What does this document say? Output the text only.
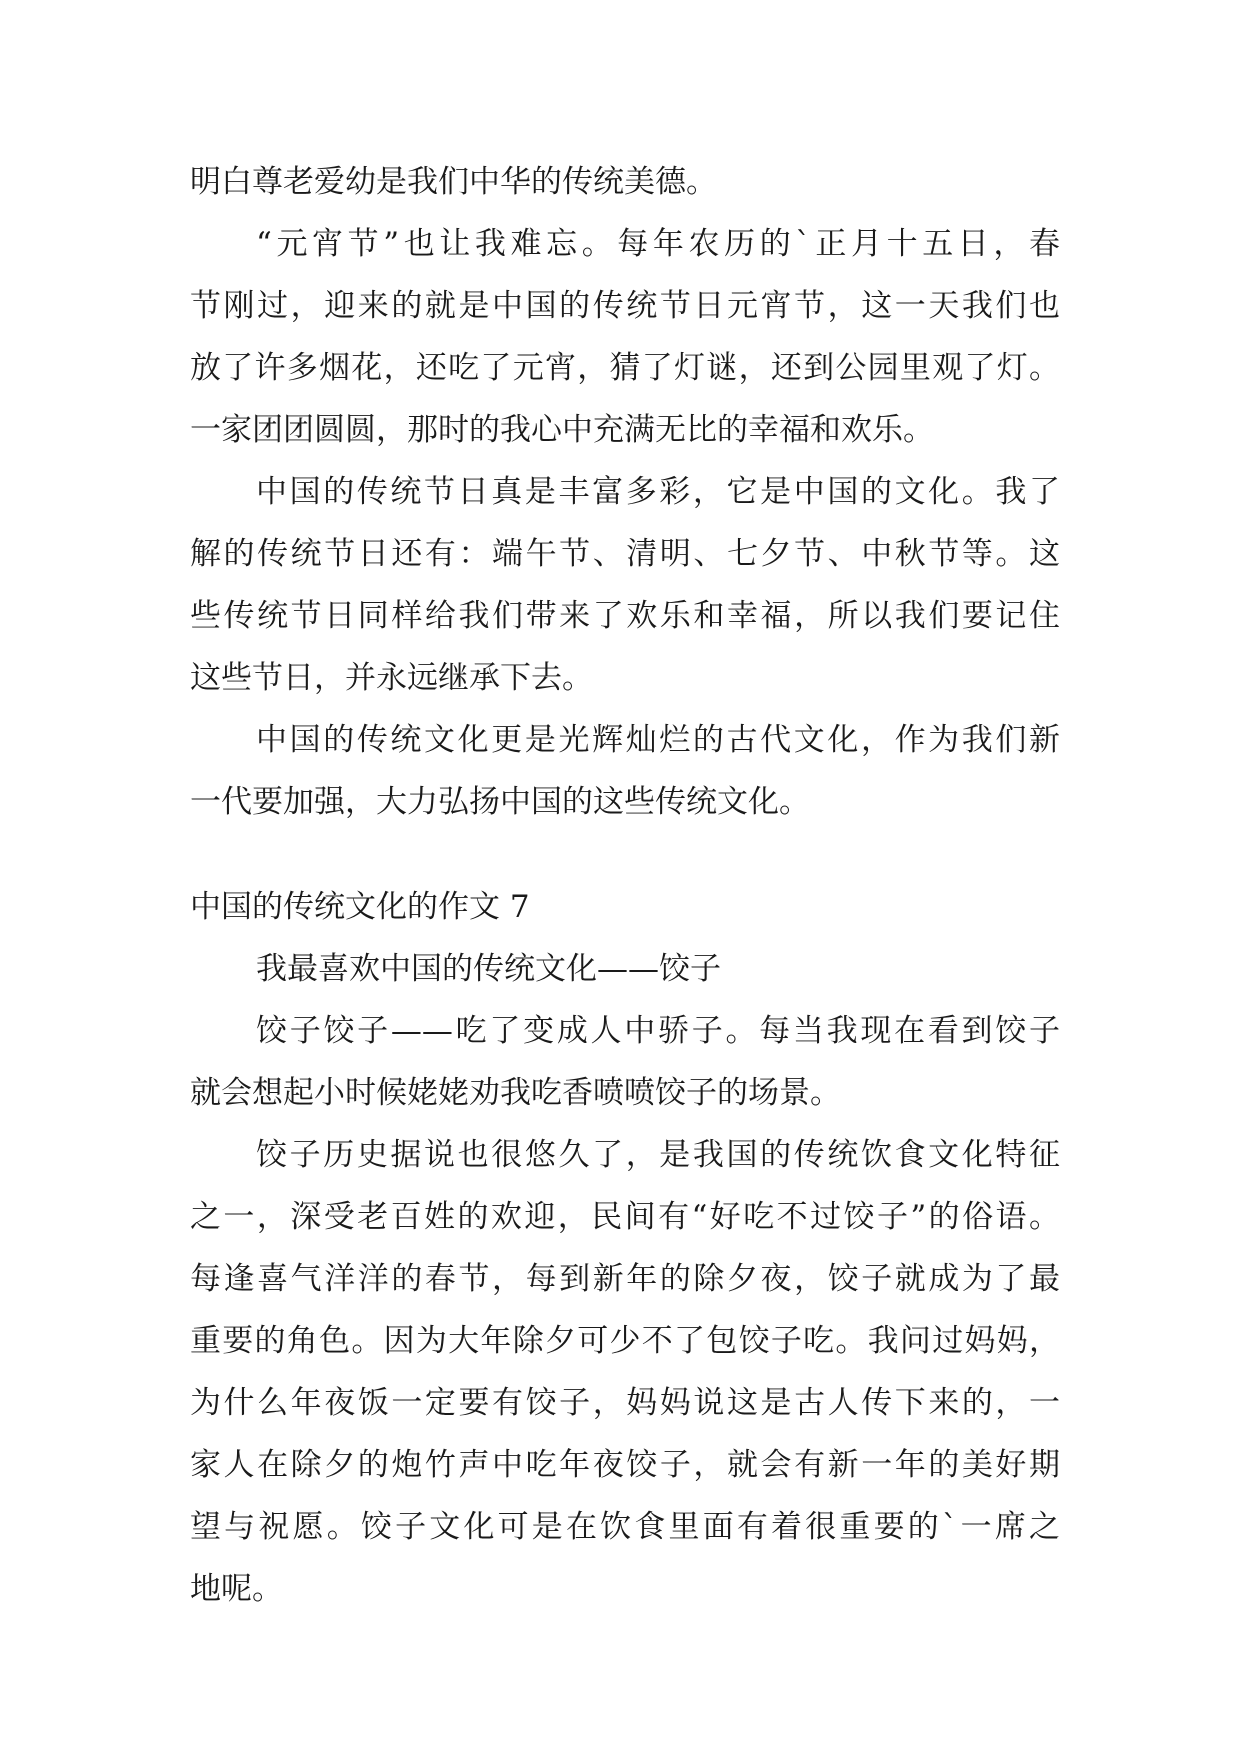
明白尊老爱幼是我们中华的传统美德。
“元宵节”也让我难忘。每年农历的`正月十五日，春
节刚过，迎来的就是中国的传统节日元宵节，这一天我们也
放了许多烟花，还吃了元宵，猜了灯谜，还到公园里观了灯。
一家团团圆圆，那时的我心中充满无比的幸福和欢乐。
中国的传统节日真是丰富多彩，它是中国的文化。我了
解的传统节日还有：端午节、清明、七夕节、中秋节等。这
些传统节日同样给我们带来了欢乐和幸福，所以我们要记住
这些节日，并永远继承下去。
中国的传统文化更是光辉灿烂的古代文化，作为我们新
一代要加强，大力弘扬中国的这些传统文化。
中国的传统文化的作文 7
我最喜欢中国的传统文化——饺子
饺子饺子——吃了变成人中骄子。每当我现在看到饺子
就会想起小时候姥姥劝我吃香喷喷饺子的场景。
饺子历史据说也很悠久了，是我国的传统饮食文化特征
之一，深受老百姓的欢迎，民间有“好吃不过饺子”的俗语。
每逢喜气洋洋的春节，每到新年的除夕夜，饺子就成为了最
重要的角色。因为大年除夕可少不了包饺子吃。我问过妈妈，
为什么年夜饭一定要有饺子，妈妈说这是古人传下来的，一
家人在除夕的炮竹声中吃年夜饺子，就会有新一年的美好期
望与祝愿。饺子文化可是在饮食里面有着很重要的`一席之
地呢。
